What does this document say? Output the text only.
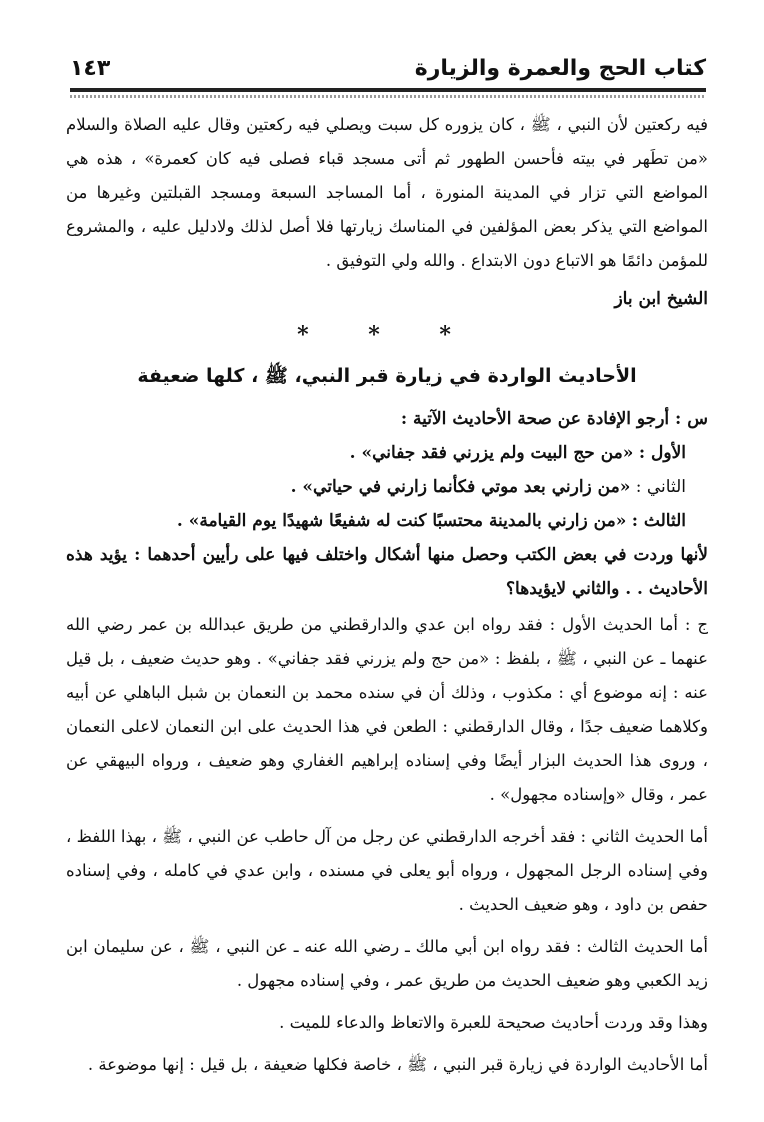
١٤٣	كتاب الحج والعمرة والزيارة

فيه ركعتين لأن النبي ، ﷺ ، كان يزوره كل سبت ويصلي فيه ركعتين وقال عليه الصلاة والسلام «من تطَهر في بيته فأحسن الطهور ثم أتى مسجد قباء فصلى فيه كان كعمرة» ، هذه هي المواضع التي تزار في المدينة المنورة ، أما المساجد السبعة ومسجد القبلتين وغيرها من المواضع التي يذكر بعض المؤلفين في المناسك زيارتها فلا أصل لذلك ولادليل عليه ، والمشروع للمؤمن دائمًا هو الاتباع دون الابتداع . والله ولي التوفيق .

الشيخ ابن باز

* * *

الأحاديث الواردة في زيارة قبر النبي، ﷺ ، كلها ضعيفة

س : أرجو الإفادة عن صحة الأحاديث الآتية :

الأول : «من حج البيت ولم يزرني فقد جفاني» .

الثاني : «من زارني بعد موتي فكأنما زارني في حياتي» .

الثالث : «من زارني بالمدينة محتسبًا كنت له شفيعًا شهيدًا يوم القيامة» .

لأنها وردت في بعض الكتب وحصل منها أشكال واختلف فيها على رأيين أحدهما : يؤيد هذه الأحاديث . . والثاني لايؤيدها؟

ج : أما الحديث الأول : فقد رواه ابن عدي والدارقطني من طريق عبدالله بن عمر رضي الله عنهما ـ عن النبي ، ﷺ ، بلفظ : «من حج ولم يزرني فقد جفاني» . وهو حديث ضعيف ، بل قيل عنه : إنه موضوع أي : مكذوب ، وذلك أن في سنده محمد بن النعمان بن شبل الباهلي عن أبيه وكلاهما ضعيف جدًا ، وقال الدارقطني : الطعن في هذا الحديث على ابن النعمان لاعلى النعمان ، وروى هذا الحديث البزار أيضًا وفي إسناده إبراهيم الغفاري وهو ضعيف ، ورواه البيهقي عن عمر ، وقال «وإسناده مجهول» .

أما الحديث الثاني : فقد أخرجه الدارقطني عن رجل من آل حاطب عن النبي ، ﷺ ، بهذا اللفظ ، وفي إسناده الرجل المجهول ، ورواه أبو يعلى في مسنده ، وابن عدي في كامله ، وفي إسناده حفص بن داود ، وهو ضعيف الحديث .

أما الحديث الثالث : فقد رواه ابن أبي مالك ـ رضي الله عنه ـ عن النبي ، ﷺ ، عن سليمان ابن زيد الكعبي وهو ضعيف الحديث من طريق عمر ، وفي إسناده مجهول .

وهذا وقد وردت أحاديث صحيحة للعبرة والاتعاظ والدعاء للميت .

أما الأحاديث الواردة في زيارة قبر النبي ، ﷺ ، خاصة فكلها ضعيفة ، بل قيل : إنها موضوعة .
